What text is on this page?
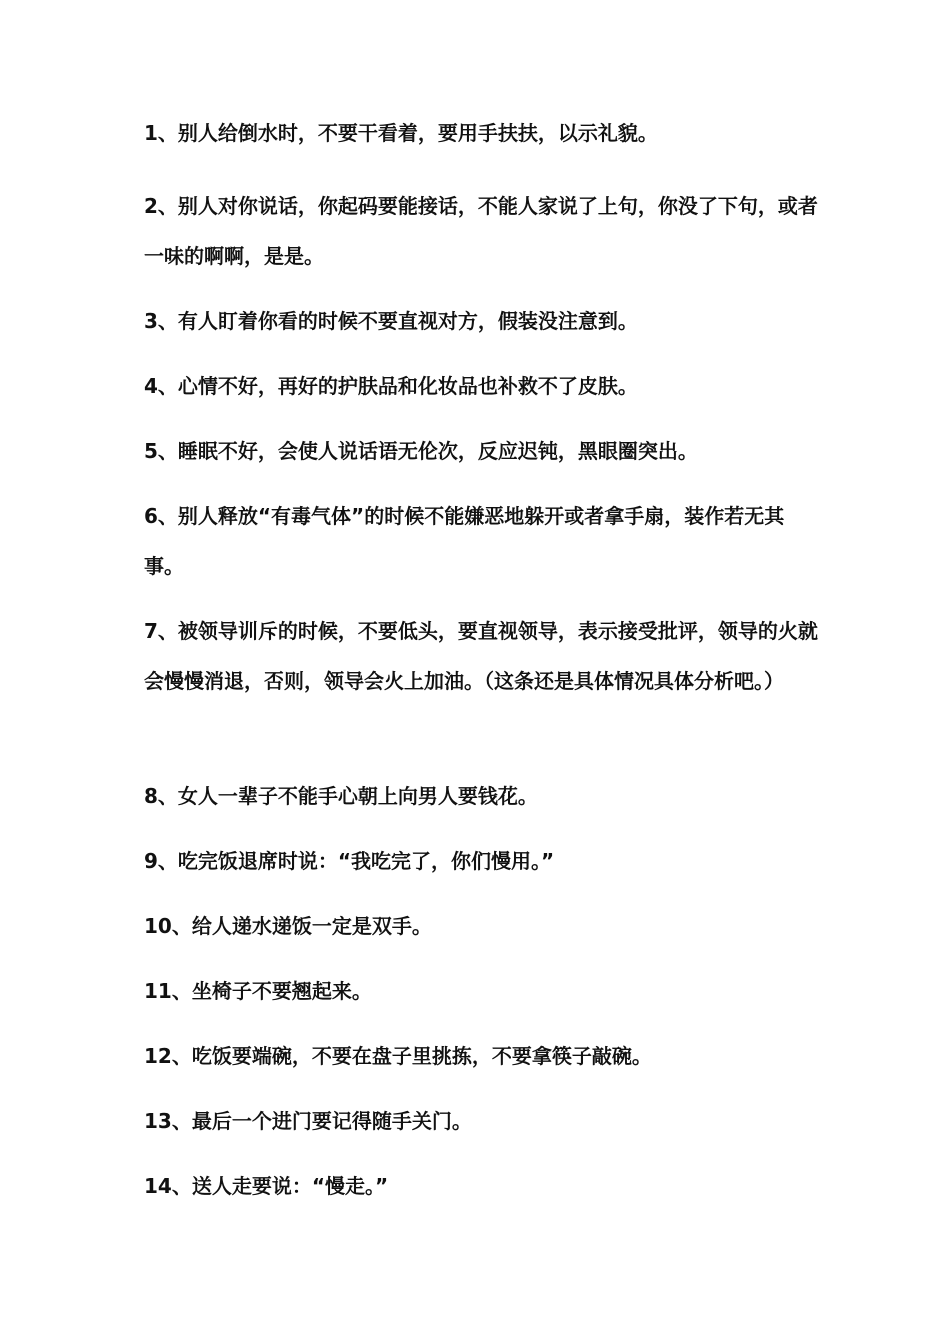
1、别人给倒水时，不要干看着，要用手扶扶，以示礼貌。

2、别人对你说话，你起码要能接话，不能人家说了上句，你没了下句，或者一味的啊啊，是是。

3、有人盯着你看的时候不要直视对方，假装没注意到。

4、心情不好，再好的护肤品和化妆品也补救不了皮肤。

5、睡眠不好，会使人说话语无伦次，反应迟钝，黑眼圈突出。

6、别人释放“有毒气体”的时候不能嫌恶地躲开或者拿手扇，装作若无其事。

7、被领导训斥的时候，不要低头，要直视领导，表示接受批评，领导的火就会慢慢消退，否则，领导会火上加油。（这条还是具体情况具体分析吧。）

8、女人一辈子不能手心朝上向男人要钱花。

9、吃完饭退席时说：“我吃完了，你们慢用。”

10、给人递水递饭一定是双手。

11、坐椅子不要翘起来。

12、吃饭要端碗，不要在盘子里挑拣，不要拿筷子敲碗。

13、最后一个进门要记得随手关门。

14、送人走要说：“慢走。”
